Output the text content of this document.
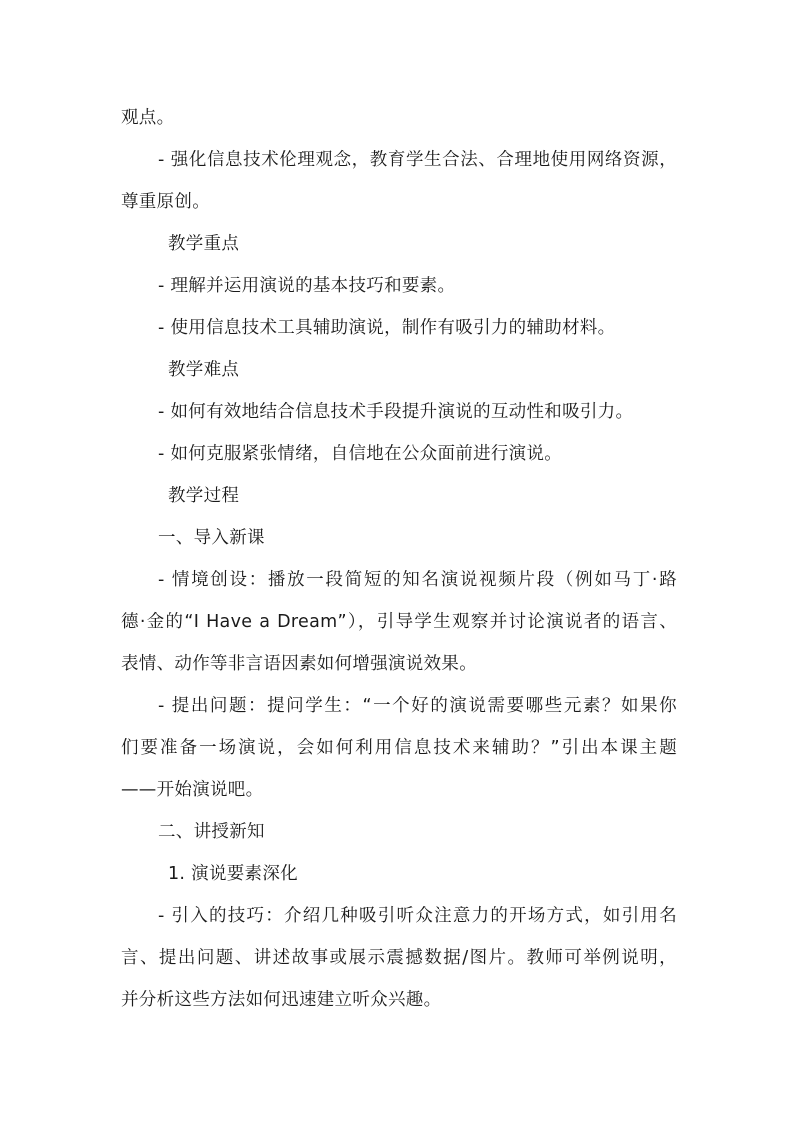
观点。
- 强化信息技术伦理观念，教育学生合法、合理地使用网络资源，
尊重原创。
教学重点
- 理解并运用演说的基本技巧和要素。
- 使用信息技术工具辅助演说，制作有吸引力的辅助材料。
教学难点
- 如何有效地结合信息技术手段提升演说的互动性和吸引力。
- 如何克服紧张情绪，自信地在公众面前进行演说。
教学过程
一、导入新课
- 情境创设：播放一段简短的知名演说视频片段（例如马丁·路
德·金的“I Have a Dream”），引导学生观察并讨论演说者的语言、
表情、动作等非言语因素如何增强演说效果。
- 提出问题：提问学生：“一个好的演说需要哪些元素？如果你
们要准备一场演说，会如何利用信息技术来辅助？”引出本课主题
——开始演说吧。
二、讲授新知
1. 演说要素深化
- 引入的技巧：介绍几种吸引听众注意力的开场方式，如引用名
言、提出问题、讲述故事或展示震撼数据/图片。教师可举例说明，
并分析这些方法如何迅速建立听众兴趣。
